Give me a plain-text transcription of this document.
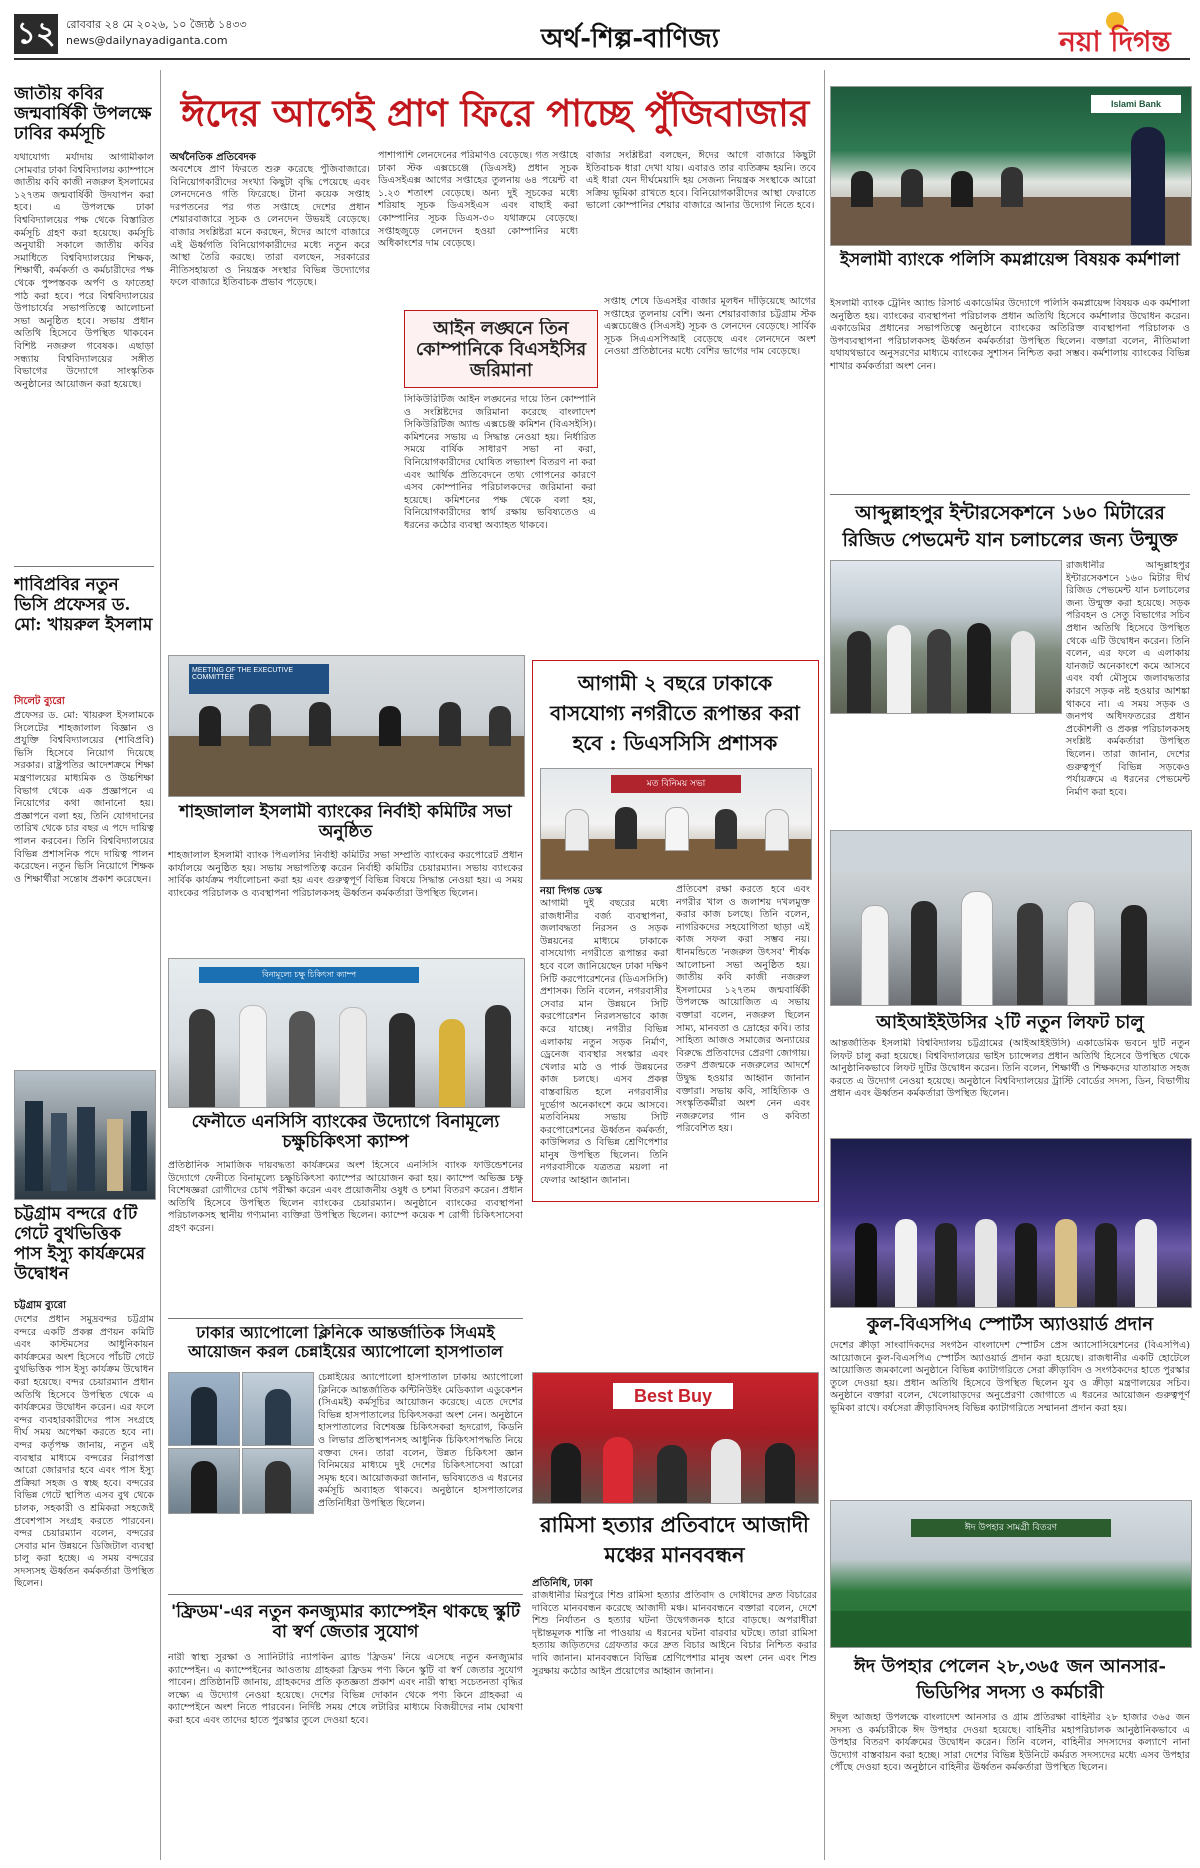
১২ রোববার ২৪ মে ২০২৬, ১০ জ্যৈষ্ঠ ১৪৩৩
news@dailynayadiganta.com	অর্থ-শিল্প-বাণিজ্য	নয়া দিগন্ত
জাতীয় কবির জন্মবার্ষিকী উপলক্ষে ঢাবির কর্মসূচি
যথাযোগ্য মর্যাদায় আগামীকাল সোমবার ঢাকা বিশ্ববিদ্যালয় ক্যাম্পাসে জাতীয় কবি কাজী নজরুল ইসলামের ১২৭তম জন্মবার্ষিকী উদযাপন করা হবে। এ উপলক্ষে ঢাকা বিশ্ববিদ্যালয়ের পক্ষ থেকে বিস্তারিত কর্মসূচি গ্রহণ করা হয়েছে। কর্মসূচি অনুযায়ী সকালে জাতীয় কবির সমাধিতে বিশ্ববিদ্যালয়ের শিক্ষক, শিক্ষার্থী, কর্মকর্তা ও কর্মচারীদের পক্ষ থেকে পুষ্পস্তবক অর্পণ ও ফাতেহা পাঠ করা হবে। পরে বিশ্ববিদ্যালয়ের উপাচার্যের সভাপতিত্বে আলোচনা সভা অনুষ্ঠিত হবে। সভায় প্রধান অতিথি হিসেবে উপস্থিত থাকবেন বিশিষ্ট নজরুল গবেষক। এছাড়া সন্ধ্যায় বিশ্ববিদ্যালয়ের সঙ্গীত বিভাগের উদ্যোগে সাংস্কৃতিক অনুষ্ঠানের আয়োজন করা হয়েছে।
শাবিপ্রবির নতুন ভিসি প্রফেসর ড. মো: খায়রুল ইসলাম
সিলেট ব্যুরো
প্রফেসর ড. মো: খায়রুল ইসলামকে সিলেটের শাহজালাল বিজ্ঞান ও প্রযুক্তি বিশ্ববিদ্যালয়ের (শাবিপ্রবি) ভিসি হিসেবে নিয়োগ দিয়েছে সরকার। রাষ্ট্রপতির আদেশক্রমে শিক্ষা মন্ত্রণালয়ের মাধ্যমিক ও উচ্চশিক্ষা বিভাগ থেকে এক প্রজ্ঞাপনে এ নিয়োগের কথা জানানো হয়। প্রজ্ঞাপনে বলা হয়, তিনি যোগদানের তারিখ থেকে চার বছর এ পদে দায়িত্ব পালন করবেন। তিনি বিশ্ববিদ্যালয়ের বিভিন্ন প্রশাসনিক পদে দায়িত্ব পালন করেছেন। নতুন ভিসি নিয়োগে শিক্ষক ও শিক্ষার্থীরা সন্তোষ প্রকাশ করেছেন।
চট্টগ্রাম বন্দরে ৫টি গেটে বুথভিত্তিক পাস ইস্যু কার্যক্রমের উদ্বোধন
চট্টগ্রাম ব্যুরো
দেশের প্রধান সমুদ্রবন্দর চট্টগ্রাম বন্দরে একটি প্রকল্প প্রণয়ন কমিটি এবং কাস্টমসের আধুনিকায়ন কার্যক্রমের অংশ হিসেবে পাঁচটি গেটে বুথভিত্তিক পাস ইস্যু কার্যক্রম উদ্বোধন করা হয়েছে। বন্দর চেয়ারম্যান প্রধান অতিথি হিসেবে উপস্থিত থেকে এ কার্যক্রমের উদ্বোধন করেন। এর ফলে বন্দর ব্যবহারকারীদের পাস সংগ্রহে দীর্ঘ সময় অপেক্ষা করতে হবে না। বন্দর কর্তৃপক্ষ জানায়, নতুন এই ব্যবস্থার মাধ্যমে বন্দরের নিরাপত্তা আরো জোরদার হবে এবং পাস ইস্যু প্রক্রিয়া সহজ ও স্বচ্ছ হবে। বন্দরের বিভিন্ন গেটে স্থাপিত এসব বুথ থেকে চালক, সহকারী ও শ্রমিকরা সহজেই প্রবেশপাস সংগ্রহ করতে পারবেন। বন্দর চেয়ারম্যান বলেন, বন্দরের সেবার মান উন্নয়নে ডিজিটাল ব্যবস্থা চালু করা হচ্ছে। এ সময় বন্দরের সদস্যসহ ঊর্ধ্বতন কর্মকর্তারা উপস্থিত ছিলেন।
ঈদের আগেই প্রাণ ফিরে পাচ্ছে পুঁজিবাজার
অর্থনৈতিক প্রতিবেদক
অবশেষে প্রাণ ফিরতে শুরু করেছে পুঁজিবাজারে। বিনিয়োগকারীদের সংখ্যা কিছুটা বৃদ্ধি পেয়েছে এবং লেনদেনেও গতি ফিরেছে। টানা কয়েক সপ্তাহ দরপতনের পর গত সপ্তাহে দেশের প্রধান শেয়ারবাজারে সূচক ও লেনদেন উভয়ই বেড়েছে। বাজার সংশ্লিষ্টরা মনে করছেন, ঈদের আগে বাজারে এই ঊর্ধ্বগতি বিনিয়োগকারীদের মধ্যে নতুন করে আস্থা তৈরি করছে। তারা বলছেন, সরকারের নীতিসহায়তা ও নিয়ন্ত্রক সংস্থার বিভিন্ন উদ্যোগের ফলে বাজারে ইতিবাচক প্রভাব পড়েছে।
পাশাপাশি লেনদেনের পরিমাণও বেড়েছে। গত সপ্তাহে ঢাকা স্টক এক্সচেঞ্জে (ডিএসই) প্রধান সূচক ডিএসইএক্স আগের সপ্তাহের তুলনায় ৬৪ পয়েন্ট বা ১.২৩ শতাংশ বেড়েছে। অন্য দুই সূচকের মধ্যে শরিয়াহ সূচক ডিএসইএস এবং বাছাই করা কোম্পানির সূচক ডিএস-৩০ যথাক্রমে বেড়েছে। সপ্তাহজুড়ে লেনদেন হওয়া কোম্পানির মধ্যে অধিকাংশের দাম বেড়েছে।
বাজার সংশ্লিষ্টরা বলছেন, ঈদের আগে বাজারে কিছুটা ইতিবাচক ধারা দেখা যায়। এবারও তার ব্যতিক্রম হয়নি। তবে এই ধারা যেন দীর্ঘমেয়াদি হয় সেজন্য নিয়ন্ত্রক সংস্থাকে আরো সক্রিয় ভূমিকা রাখতে হবে। বিনিয়োগকারীদের আস্থা ফেরাতে ভালো কোম্পানির শেয়ার বাজারে আনার উদ্যোগ নিতে হবে।
আইন লঙ্ঘনে তিন কোম্পানিকে বিএসইসির জরিমানা
সিকিউরিটিজ আইন লঙ্ঘনের দায়ে তিন কোম্পানি ও সংশ্লিষ্টদের জরিমানা করেছে বাংলাদেশ সিকিউরিটিজ অ্যান্ড এক্সচেঞ্জ কমিশন (বিএসইসি)। কমিশনের সভায় এ সিদ্ধান্ত নেওয়া হয়। নির্ধারিত সময়ে বার্ষিক সাধারণ সভা না করা, বিনিয়োগকারীদের ঘোষিত লভ্যাংশ বিতরণ না করা এবং আর্থিক প্রতিবেদনে তথ্য গোপনের কারণে এসব কোম্পানির পরিচালকদের জরিমানা করা হয়েছে। কমিশনের পক্ষ থেকে বলা হয়, বিনিয়োগকারীদের স্বার্থ রক্ষায় ভবিষ্যতেও এ ধরনের কঠোর ব্যবস্থা অব্যাহত থাকবে।
সপ্তাহ শেষে ডিএসইর বাজার মূলধন দাঁড়িয়েছে আগের সপ্তাহের তুলনায় বেশি। অন্য শেয়ারবাজার চট্টগ্রাম স্টক এক্সচেঞ্জেও (সিএসই) সূচক ও লেনদেন বেড়েছে। সার্বিক সূচক সিএএসপিআই বেড়েছে এবং লেনদেনে অংশ নেওয়া প্রতিষ্ঠানের মধ্যে বেশির ভাগের দাম বেড়েছে।
MEETING OF THE EXECUTIVE COMMITTEE
শাহজালাল ইসলামী ব্যাংকের নির্বাহী কমিটির সভা অনুষ্ঠিত
শাহজালাল ইসলামী ব্যাংক পিএলসির নির্বাহী কমিটির সভা সম্প্রতি ব্যাংকের করপোরেট প্রধান কার্যালয়ে অনুষ্ঠিত হয়। সভায় সভাপতিত্ব করেন নির্বাহী কমিটির চেয়ারম্যান। সভায় ব্যাংকের সার্বিক কার্যক্রম পর্যালোচনা করা হয় এবং গুরুত্বপূর্ণ বিভিন্ন বিষয়ে সিদ্ধান্ত নেওয়া হয়। এ সময় ব্যাংকের পরিচালক ও ব্যবস্থাপনা পরিচালকসহ ঊর্ধ্বতন কর্মকর্তারা উপস্থিত ছিলেন।
বিনামূল্যে চক্ষু চিকিৎসা ক্যাম্প
ফেনীতে এনসিসি ব্যাংকের উদ্যোগে বিনামূল্যে চক্ষুচিকিৎসা ক্যাম্প
প্রতিষ্ঠানিক সামাজিক দায়বদ্ধতা কার্যক্রমের অংশ হিসেবে এনসিসি ব্যাংক ফাউন্ডেশনের উদ্যোগে ফেনীতে বিনামূল্যে চক্ষুচিকিৎসা ক্যাম্পের আয়োজন করা হয়। ক্যাম্পে অভিজ্ঞ চক্ষু বিশেষজ্ঞরা রোগীদের চোখ পরীক্ষা করেন এবং প্রয়োজনীয় ওষুধ ও চশমা বিতরণ করেন। প্রধান অতিথি হিসেবে উপস্থিত ছিলেন ব্যাংকের চেয়ারম্যান। অনুষ্ঠানে ব্যাংকের ব্যবস্থাপনা পরিচালকসহ স্থানীয় গণ্যমান্য ব্যক্তিরা উপস্থিত ছিলেন। ক্যাম্পে কয়েক শ রোগী চিকিৎসাসেবা গ্রহণ করেন।
ঢাকার অ্যাপোলো ক্লিনিকে আন্তর্জাতিক সিএমই আয়োজন করল চেন্নাইয়ের অ্যাপোলো হাসপাতাল
চেন্নাইয়ের অ্যাপোলো হাসপাতাল ঢাকায় অ্যাপোলো ক্লিনিকে আন্তর্জাতিক কন্টিনিউইং মেডিক্যাল এডুকেশন (সিএমই) কর্মসূচির আয়োজন করেছে। এতে দেশের বিভিন্ন হাসপাতালের চিকিৎসকরা অংশ নেন। অনুষ্ঠানে হাসপাতালের বিশেষজ্ঞ চিকিৎসকরা হৃদরোগ, কিডনি ও লিভার প্রতিস্থাপনসহ আধুনিক চিকিৎসাপদ্ধতি নিয়ে বক্তব্য দেন। তারা বলেন, উন্নত চিকিৎসা জ্ঞান বিনিময়ের মাধ্যমে দুই দেশের চিকিৎসাসেবা আরো সমৃদ্ধ হবে। আয়োজকরা জানান, ভবিষ্যতেও এ ধরনের কর্মসূচি অব্যাহত থাকবে। অনুষ্ঠানে হাসপাতালের প্রতিনিধিরা উপস্থিত ছিলেন।
'ফ্রিডম'-এর নতুন কনজ্যুমার ক্যাম্পেইন থাকছে স্কুটি বা স্বর্ণ জেতার সুযোগ
নারী স্বাস্থ্য সুরক্ষা ও স্যানিটারি ন্যাপকিন ব্র্যান্ড 'ফ্রিডম' নিয়ে এসেছে নতুন কনজ্যুমার ক্যাম্পেইন। এ ক্যাম্পেইনের আওতায় গ্রাহকরা ফ্রিডম পণ্য কিনে স্কুটি বা স্বর্ণ জেতার সুযোগ পাবেন। প্রতিষ্ঠানটি জানায়, গ্রাহকদের প্রতি কৃতজ্ঞতা প্রকাশ এবং নারী স্বাস্থ্য সচেতনতা বৃদ্ধির লক্ষ্যে এ উদ্যোগ নেওয়া হয়েছে। দেশের বিভিন্ন দোকান থেকে পণ্য কিনে গ্রাহকরা এ ক্যাম্পেইনে অংশ নিতে পারবেন। নির্দিষ্ট সময় শেষে লটারির মাধ্যমে বিজয়ীদের নাম ঘোষণা করা হবে এবং তাদের হাতে পুরস্কার তুলে দেওয়া হবে।
আগামী ২ বছরে ঢাকাকে বাসযোগ্য নগরীতে রূপান্তর করা হবে : ডিএসসিসি প্রশাসক
মত বিনিময় সভা
নয়া দিগন্ত ডেস্ক
আগামী দুই বছরের মধ্যে রাজধানীর বর্জ্য ব্যবস্থাপনা, জলাবদ্ধতা নিরসন ও সড়ক উন্নয়নের মাধ্যমে ঢাকাকে বাসযোগ্য নগরীতে রূপান্তর করা হবে বলে জানিয়েছেন ঢাকা দক্ষিণ সিটি করপোরেশনের (ডিএসসিসি) প্রশাসক। তিনি বলেন, নগরবাসীর সেবার মান উন্নয়নে সিটি করপোরেশন নিরলসভাবে কাজ করে যাচ্ছে। নগরীর বিভিন্ন এলাকায় নতুন সড়ক নির্মাণ, ড্রেনেজ ব্যবস্থার সংস্কার এবং খেলার মাঠ ও পার্ক উন্নয়নের কাজ চলছে। এসব প্রকল্প বাস্তবায়িত হলে নগরবাসীর দুর্ভোগ অনেকাংশে কমে আসবে। মতবিনিময় সভায় সিটি করপোরেশনের ঊর্ধ্বতন কর্মকর্তা, কাউন্সিলর ও বিভিন্ন শ্রেণিপেশার মানুষ উপস্থিত ছিলেন। তিনি নগরবাসীকে যত্রতত্র ময়লা না ফেলার আহ্বান জানান।
প্রতিবেশ রক্ষা করতে হবে এবং নগরীর খাল ও জলাশয় দখলমুক্ত করার কাজ চলছে। তিনি বলেন, নাগরিকদের সহযোগিতা ছাড়া এই কাজ সফল করা সম্ভব নয়। ধানমন্ডিতে 'নজরুল উৎসব' শীর্ষক আলোচনা সভা অনুষ্ঠিত হয়। জাতীয় কবি কাজী নজরুল ইসলামের ১২৭তম জন্মবার্ষিকী উপলক্ষে আয়োজিত এ সভায় বক্তারা বলেন, নজরুল ছিলেন সাম্য, মানবতা ও দ্রোহের কবি। তার সাহিত্য আজও সমাজের অন্যায়ের বিরুদ্ধে প্রতিবাদের প্রেরণা জোগায়। তরুণ প্রজন্মকে নজরুলের আদর্শে উদ্বুদ্ধ হওয়ার আহ্বান জানান বক্তারা। সভায় কবি, সাহিত্যিক ও সংস্কৃতিকর্মীরা অংশ নেন এবং নজরুলের গান ও কবিতা পরিবেশিত হয়।
Best Buy
রামিসা হত্যার প্রতিবাদে আজাদী মঞ্চের মানববন্ধন
প্রতিনিধি, ঢাকা
রাজধানীর মিরপুরে শিশু রামিসা হত্যার প্রতিবাদ ও দোষীদের দ্রুত বিচারের দাবিতে মানববন্ধন করেছে আজাদী মঞ্চ। মানববন্ধনে বক্তারা বলেন, দেশে শিশু নির্যাতন ও হত্যার ঘটনা উদ্বেগজনক হারে বাড়ছে। অপরাধীরা দৃষ্টান্তমূলক শাস্তি না পাওয়ায় এ ধরনের ঘটনা বারবার ঘটছে। তারা রামিসা হত্যায় জড়িতদের গ্রেফতার করে দ্রুত বিচার আইনে বিচার নিশ্চিত করার দাবি জানান। মানববন্ধনে বিভিন্ন শ্রেণিপেশার মানুষ অংশ নেন এবং শিশু সুরক্ষায় কঠোর আইন প্রয়োগের আহ্বান জানান।
Islami Bank
ইসলামী ব্যাংকে পলিসি কমপ্লায়েন্স বিষয়ক কর্মশালা
ইসলামী ব্যাংক ট্রেনিং অ্যান্ড রিসার্চ একাডেমির উদ্যোগে পলিসি কমপ্লায়েন্স বিষয়ক এক কর্মশালা অনুষ্ঠিত হয়। ব্যাংকের ব্যবস্থাপনা পরিচালক প্রধান অতিথি হিসেবে কর্মশালার উদ্বোধন করেন। একাডেমির প্রধানের সভাপতিত্বে অনুষ্ঠানে ব্যাংকের অতিরিক্ত ব্যবস্থাপনা পরিচালক ও উপব্যবস্থাপনা পরিচালকসহ ঊর্ধ্বতন কর্মকর্তারা উপস্থিত ছিলেন। বক্তারা বলেন, নীতিমালা যথাযথভাবে অনুসরণের মাধ্যমে ব্যাংকের সুশাসন নিশ্চিত করা সম্ভব। কর্মশালায় ব্যাংকের বিভিন্ন শাখার কর্মকর্তারা অংশ নেন।
আব্দুল্লাহপুর ইন্টারসেকশনে ১৬০ মিটারের রিজিড পেভমেন্ট যান চলাচলের জন্য উন্মুক্ত
রাজধানীর আব্দুল্লাহপুর ইন্টারসেকশনে ১৬০ মিটার দীর্ঘ রিজিড পেভমেন্ট যান চলাচলের জন্য উন্মুক্ত করা হয়েছে। সড়ক পরিবহন ও সেতু বিভাগের সচিব প্রধান অতিথি হিসেবে উপস্থিত থেকে এটি উদ্বোধন করেন। তিনি বলেন, এর ফলে এ এলাকায় যানজট অনেকাংশে কমে আসবে এবং বর্ষা মৌসুমে জলাবদ্ধতার কারণে সড়ক নষ্ট হওয়ার আশঙ্কা থাকবে না। এ সময় সড়ক ও জনপথ অধিদফতরের প্রধান প্রকৌশলী ও প্রকল্প পরিচালকসহ সংশ্লিষ্ট কর্মকর্তারা উপস্থিত ছিলেন। তারা জানান, দেশের গুরুত্বপূর্ণ বিভিন্ন সড়কেও পর্যায়ক্রমে এ ধরনের পেভমেন্ট নির্মাণ করা হবে।
আইআইইউসির ২টি নতুন লিফট চালু
আন্তর্জাতিক ইসলামী বিশ্ববিদ্যালয় চট্টগ্রামের (আইআইইউসি) একাডেমিক ভবনে দুটি নতুন লিফট চালু করা হয়েছে। বিশ্ববিদ্যালয়ের ভাইস চ্যান্সেলর প্রধান অতিথি হিসেবে উপস্থিত থেকে আনুষ্ঠানিকভাবে লিফট দুটির উদ্বোধন করেন। তিনি বলেন, শিক্ষার্থী ও শিক্ষকদের যাতায়াত সহজ করতে এ উদ্যোগ নেওয়া হয়েছে। অনুষ্ঠানে বিশ্ববিদ্যালয়ের ট্রাস্টি বোর্ডের সদস্য, ডিন, বিভাগীয় প্রধান এবং ঊর্ধ্বতন কর্মকর্তারা উপস্থিত ছিলেন।
কুল-বিএসপিএ স্পোর্টস অ্যাওয়ার্ড প্রদান
দেশের ক্রীড়া সাংবাদিকদের সংগঠন বাংলাদেশ স্পোর্টস প্রেস অ্যাসোসিয়েশনের (বিএসপিএ) আয়োজনে কুল-বিএসপিএ স্পোর্টস অ্যাওয়ার্ড প্রদান করা হয়েছে। রাজধানীর একটি হোটেলে আয়োজিত জমকালো অনুষ্ঠানে বিভিন্ন ক্যাটাগরিতে সেরা ক্রীড়াবিদ ও সংগঠকদের হাতে পুরস্কার তুলে দেওয়া হয়। প্রধান অতিথি হিসেবে উপস্থিত ছিলেন যুব ও ক্রীড়া মন্ত্রণালয়ের সচিব। অনুষ্ঠানে বক্তারা বলেন, খেলোয়াড়দের অনুপ্রেরণা জোগাতে এ ধরনের আয়োজন গুরুত্বপূর্ণ ভূমিকা রাখে। বর্ষসেরা ক্রীড়াবিদসহ বিভিন্ন ক্যাটাগরিতে সম্মাননা প্রদান করা হয়।
ঈদ উপহার সামগ্রী বিতরণ
ঈদ উপহার পেলেন ২৮,৩৬৫ জন আনসার-ভিডিপির সদস্য ও কর্মচারী
ঈদুল আজহা উপলক্ষে বাংলাদেশ আনসার ও গ্রাম প্রতিরক্ষা বাহিনীর ২৮ হাজার ৩৬৫ জন সদস্য ও কর্মচারীকে ঈদ উপহার দেওয়া হয়েছে। বাহিনীর মহাপরিচালক আনুষ্ঠানিকভাবে এ উপহার বিতরণ কার্যক্রমের উদ্বোধন করেন। তিনি বলেন, বাহিনীর সদস্যদের কল্যাণে নানা উদ্যোগ বাস্তবায়ন করা হচ্ছে। সারা দেশের বিভিন্ন ইউনিটে কর্মরত সদস্যদের মধ্যে এসব উপহার পৌঁছে দেওয়া হবে। অনুষ্ঠানে বাহিনীর ঊর্ধ্বতন কর্মকর্তারা উপস্থিত ছিলেন।
